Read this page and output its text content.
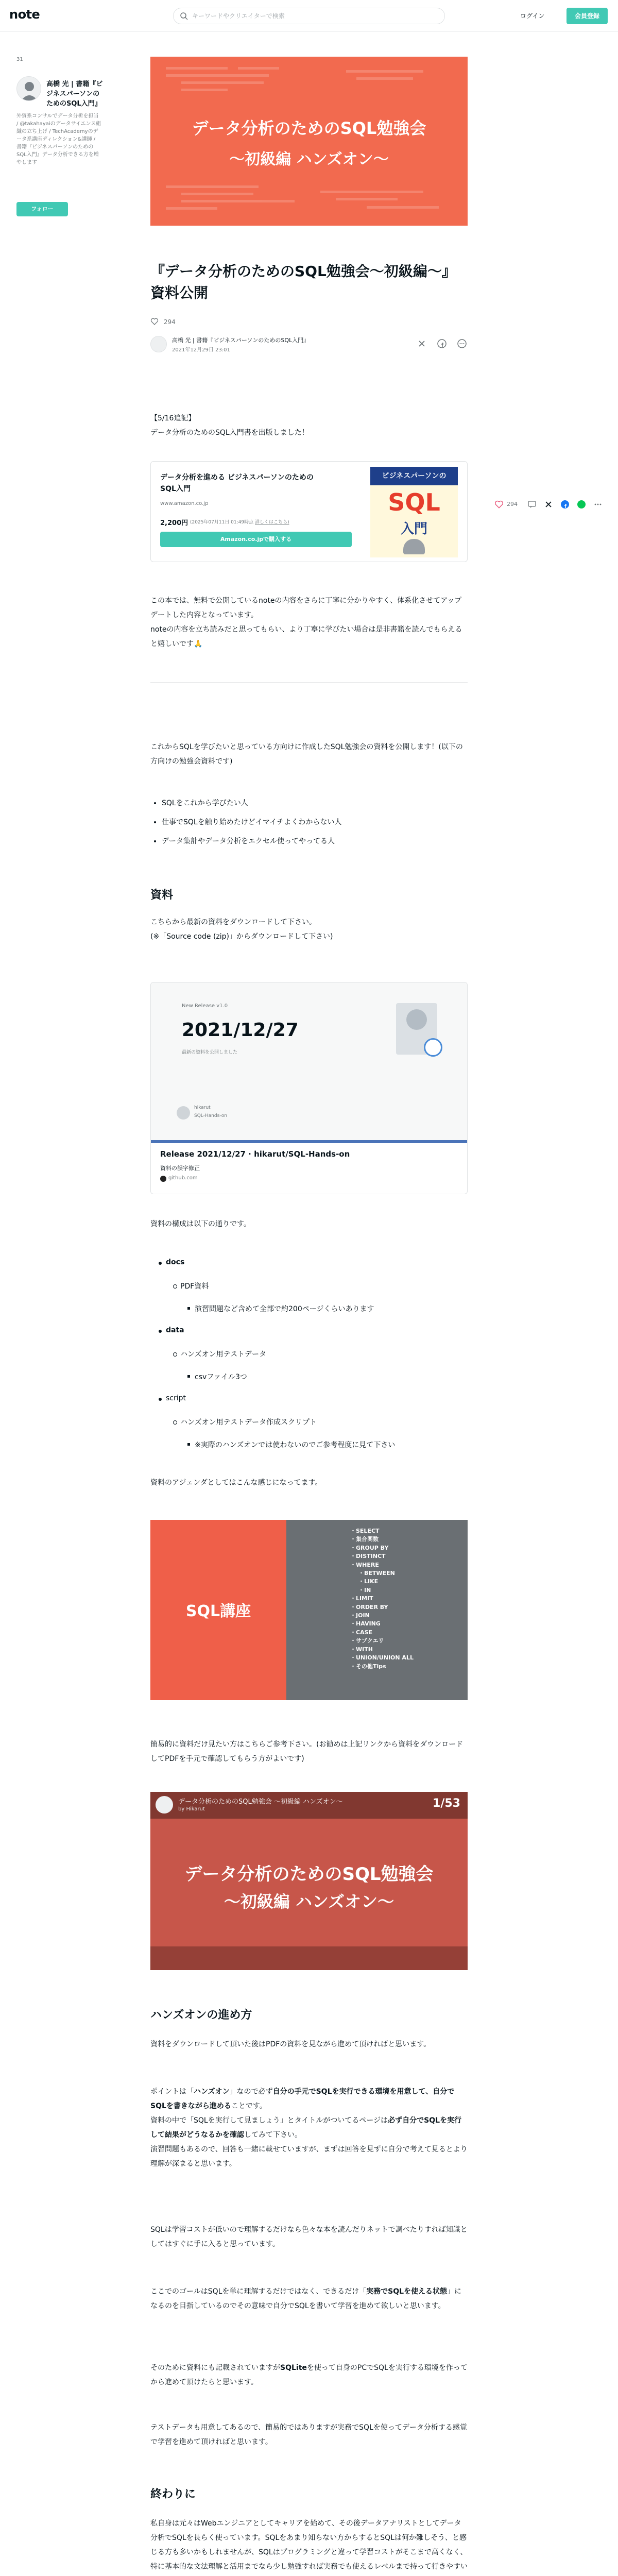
note
キーワードやクリエイターで検索	ログイン	会員登録
31
高橋 光 | 書籍『ビジネスパーソンのためのSQL入門』
外資系コンサルでデータ分析を担当 / @takahayaiのデータサイエンス組織の立ち上げ / TechAcademyのデータ系講座ディレクション&講師 / 書籍『ビジネスパーソンのためのSQL入門』データ分析できる方を増やします
フォロー
データ分析のためのSQL勉強会
～初級編 ハンズオン～
『データ分析のためのSQL勉強会～初級編～』資料公開
294
高橋 光 | 書籍『ビジネスパーソンのためのSQL入門』
2021年12月29日 23:01

【5/16追記】
データ分析のためのSQL入門書を出版しました！
データ分析を進める ビジネスパーソンのためのSQL入門
www.amazon.co.jp
2,200円 (2025年07月11日 01:49時点 詳しくはこちら)
Amazon.co.jpで購入する
ビジネスパーソンの
SQL
入門
この本では、無料で公開しているnoteの内容をさらに丁寧に分かりやすく、体系化させてアップデートした内容となっています。
noteの内容を立ち読みだと思ってもらい、より丁寧に学びたい場合は是非書籍を読んでもらえると嬉しいです🙏
これからSQLを学びたいと思っている方向けに作成したSQL勉強会の資料を公開します！(以下の方向けの勉強会資料です)
• SQLをこれから学びたい人
• 仕事でSQLを触り始めたけどイマイチよくわからない人
• データ集計やデータ分析をエクセル使ってやってる人
資料
こちらから最新の資料をダウンロードして下さい。
(※「Source code (zip)」からダウンロードして下さい)
New Release v1.0
2021/12/27
最新の資料を公開しました
hikarut
SQL-Hands-on
Release 2021/12/27 · hikarut/SQL-Hands-on
資料の誤字修正
github.com
資料の構成は以下の通りです。
docs
PDF資料
演習問題など含めて全部で約200ページくらいあります
data
ハンズオン用テストデータ
csvファイル3つ
script
ハンズオン用テストデータ作成スクリプト
※実際のハンズオンでは使わないのでご参考程度に見て下さい
資料のアジェンダとしてはこんな感じになってます。
SQL講座
・SELECT
・集合関数
・GROUP BY
・DISTINCT
・WHERE
・BETWEEN
・LIKE
・IN
・LIMIT
・ORDER BY
・JOIN
・HAVING
・CASE
・サブクエリ
・WITH
・UNION/UNION ALL
・その他Tips
簡易的に資料だけ見たい方はこちらご参考下さい。(お勧めは上記リンクから資料をダウンロードしてPDFを手元で確認してもらう方がよいです)
データ分析のためのSQL勉強会 ～初級編 ハンズオン～
by Hikarut	1/53
データ分析のためのSQL勉強会
～初級編 ハンズオン～
ハンズオンの進め方
資料をダウンロードして頂いた後はPDFの資料を見ながら進めて頂ければと思います。
ポイントは「ハンズオン」なので必ず自分の手元でSQLを実行できる環境を用意して、自分でSQLを書きながら進めることです。
資料の中で「SQLを実行して見ましょう」とタイトルがついてるページは必ず自分でSQLを実行して結果がどうなるかを確認してみて下さい。
演習問題もあるので、回答も一緒に載せていますが、まずは回答を見ずに自分で考えて見るとより理解が深まると思います。
SQLは学習コストが低いので理解するだけなら色々な本を読んだりネットで調べたりすれば知識としてはすぐに手に入ると思っています。
ここでのゴールはSQLを単に理解するだけではなく、できるだけ「実務でSQLを使える状態」になるのを目指しているのでその意味で自分でSQLを書いて学習を進めて欲しいと思います。
そのために資料にも記載されていますがSQLiteを使って自身のPCでSQLを実行する環境を作ってから進めて頂けたらと思います。
テストデータも用意してあるので、簡易的ではありますが実務でSQLを使ってデータ分析する感覚で学習を進めて頂ければと思います。
終わりに
私自身は元々はWebエンジニアとしてキャリアを始めて、その後データアナリストとしてデータ分析でSQLを長らく使っています。SQLをあまり知らない方からするとSQLは何か難しそう、と感じる方も多いかもしれませんが、SQLはプログラミングと違って学習コストがそこまで高くなく、特に基本的な文法理解と活用までなら少し勉強すれば実務でも使えるレベルまで持って行きやすい
294
